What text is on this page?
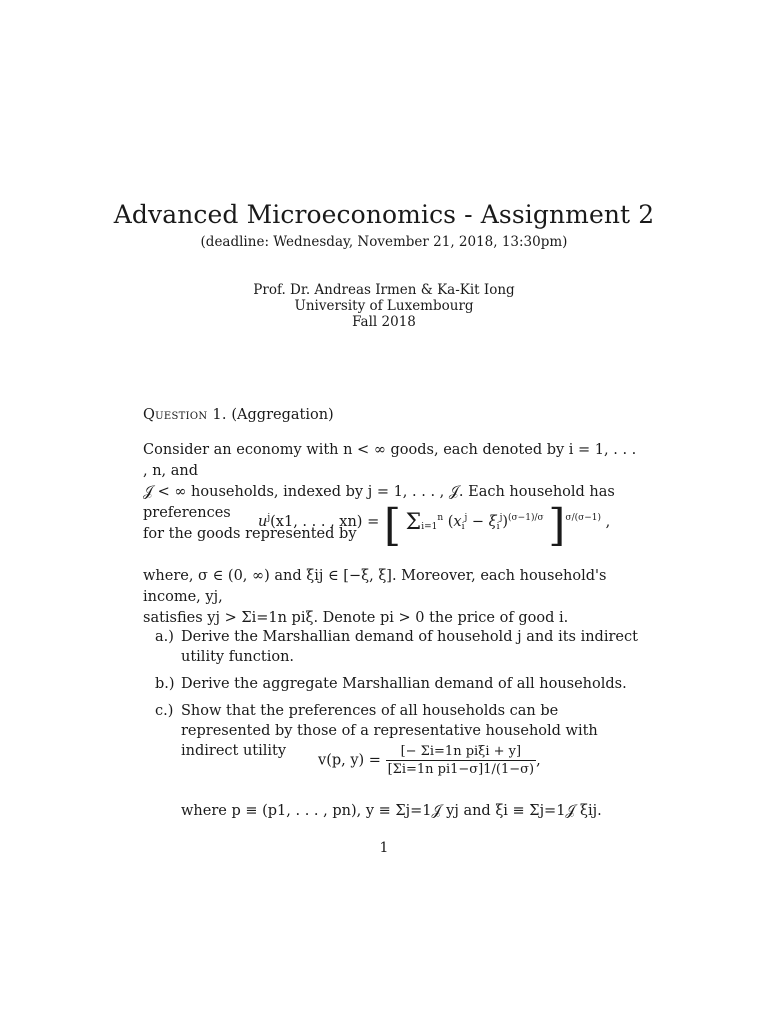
Advanced Microeconomics - Assignment 2
(deadline: Wednesday, November 21, 2018, 13:30pm)
Prof. Dr. Andreas Irmen & Ka-Kit Iong
University of Luxembourg
Fall 2018
Question 1. (Aggregation)
Consider an economy with n < ∞ goods, each denoted by i = 1, . . . , n, and
𝒥 < ∞ households, indexed by j = 1, . . . , 𝒥. Each household has preferences
for the goods represented by
$u^j(x1$, . . . , xn) = [ $\Sigma_{i=1}^n$ $(x_i^j - \xi_i^j)^{(\sigma-1)/\sigma}$ ]$^{\sigma/(\sigma-1)}$ ,
where, σ ∈ (0, ∞) and ξij ∈ [−ξ, ξ]. Moreover, each household's income, yj,
satisfies yj > Σi=1n piξ. Denote pi > 0 the price of good i.
a.) Derive the Marshallian demand of household j and its indirect utility function.
b.) Derive the aggregate Marshallian demand of all households.
c.) Show that the preferences of all households can be represented by those of a representative household with indirect utility
v(p, $y) = \frac{\text{[− Σi=1n piξi + y]}}{\text{[Σi=1n pi1−σ]1/(1−σ)}}$ ,
where p ≡ (p1, . . . , pn), y ≡ Σj=1𝒥 yj and ξi ≡ Σj=1𝒥 ξij.
1
